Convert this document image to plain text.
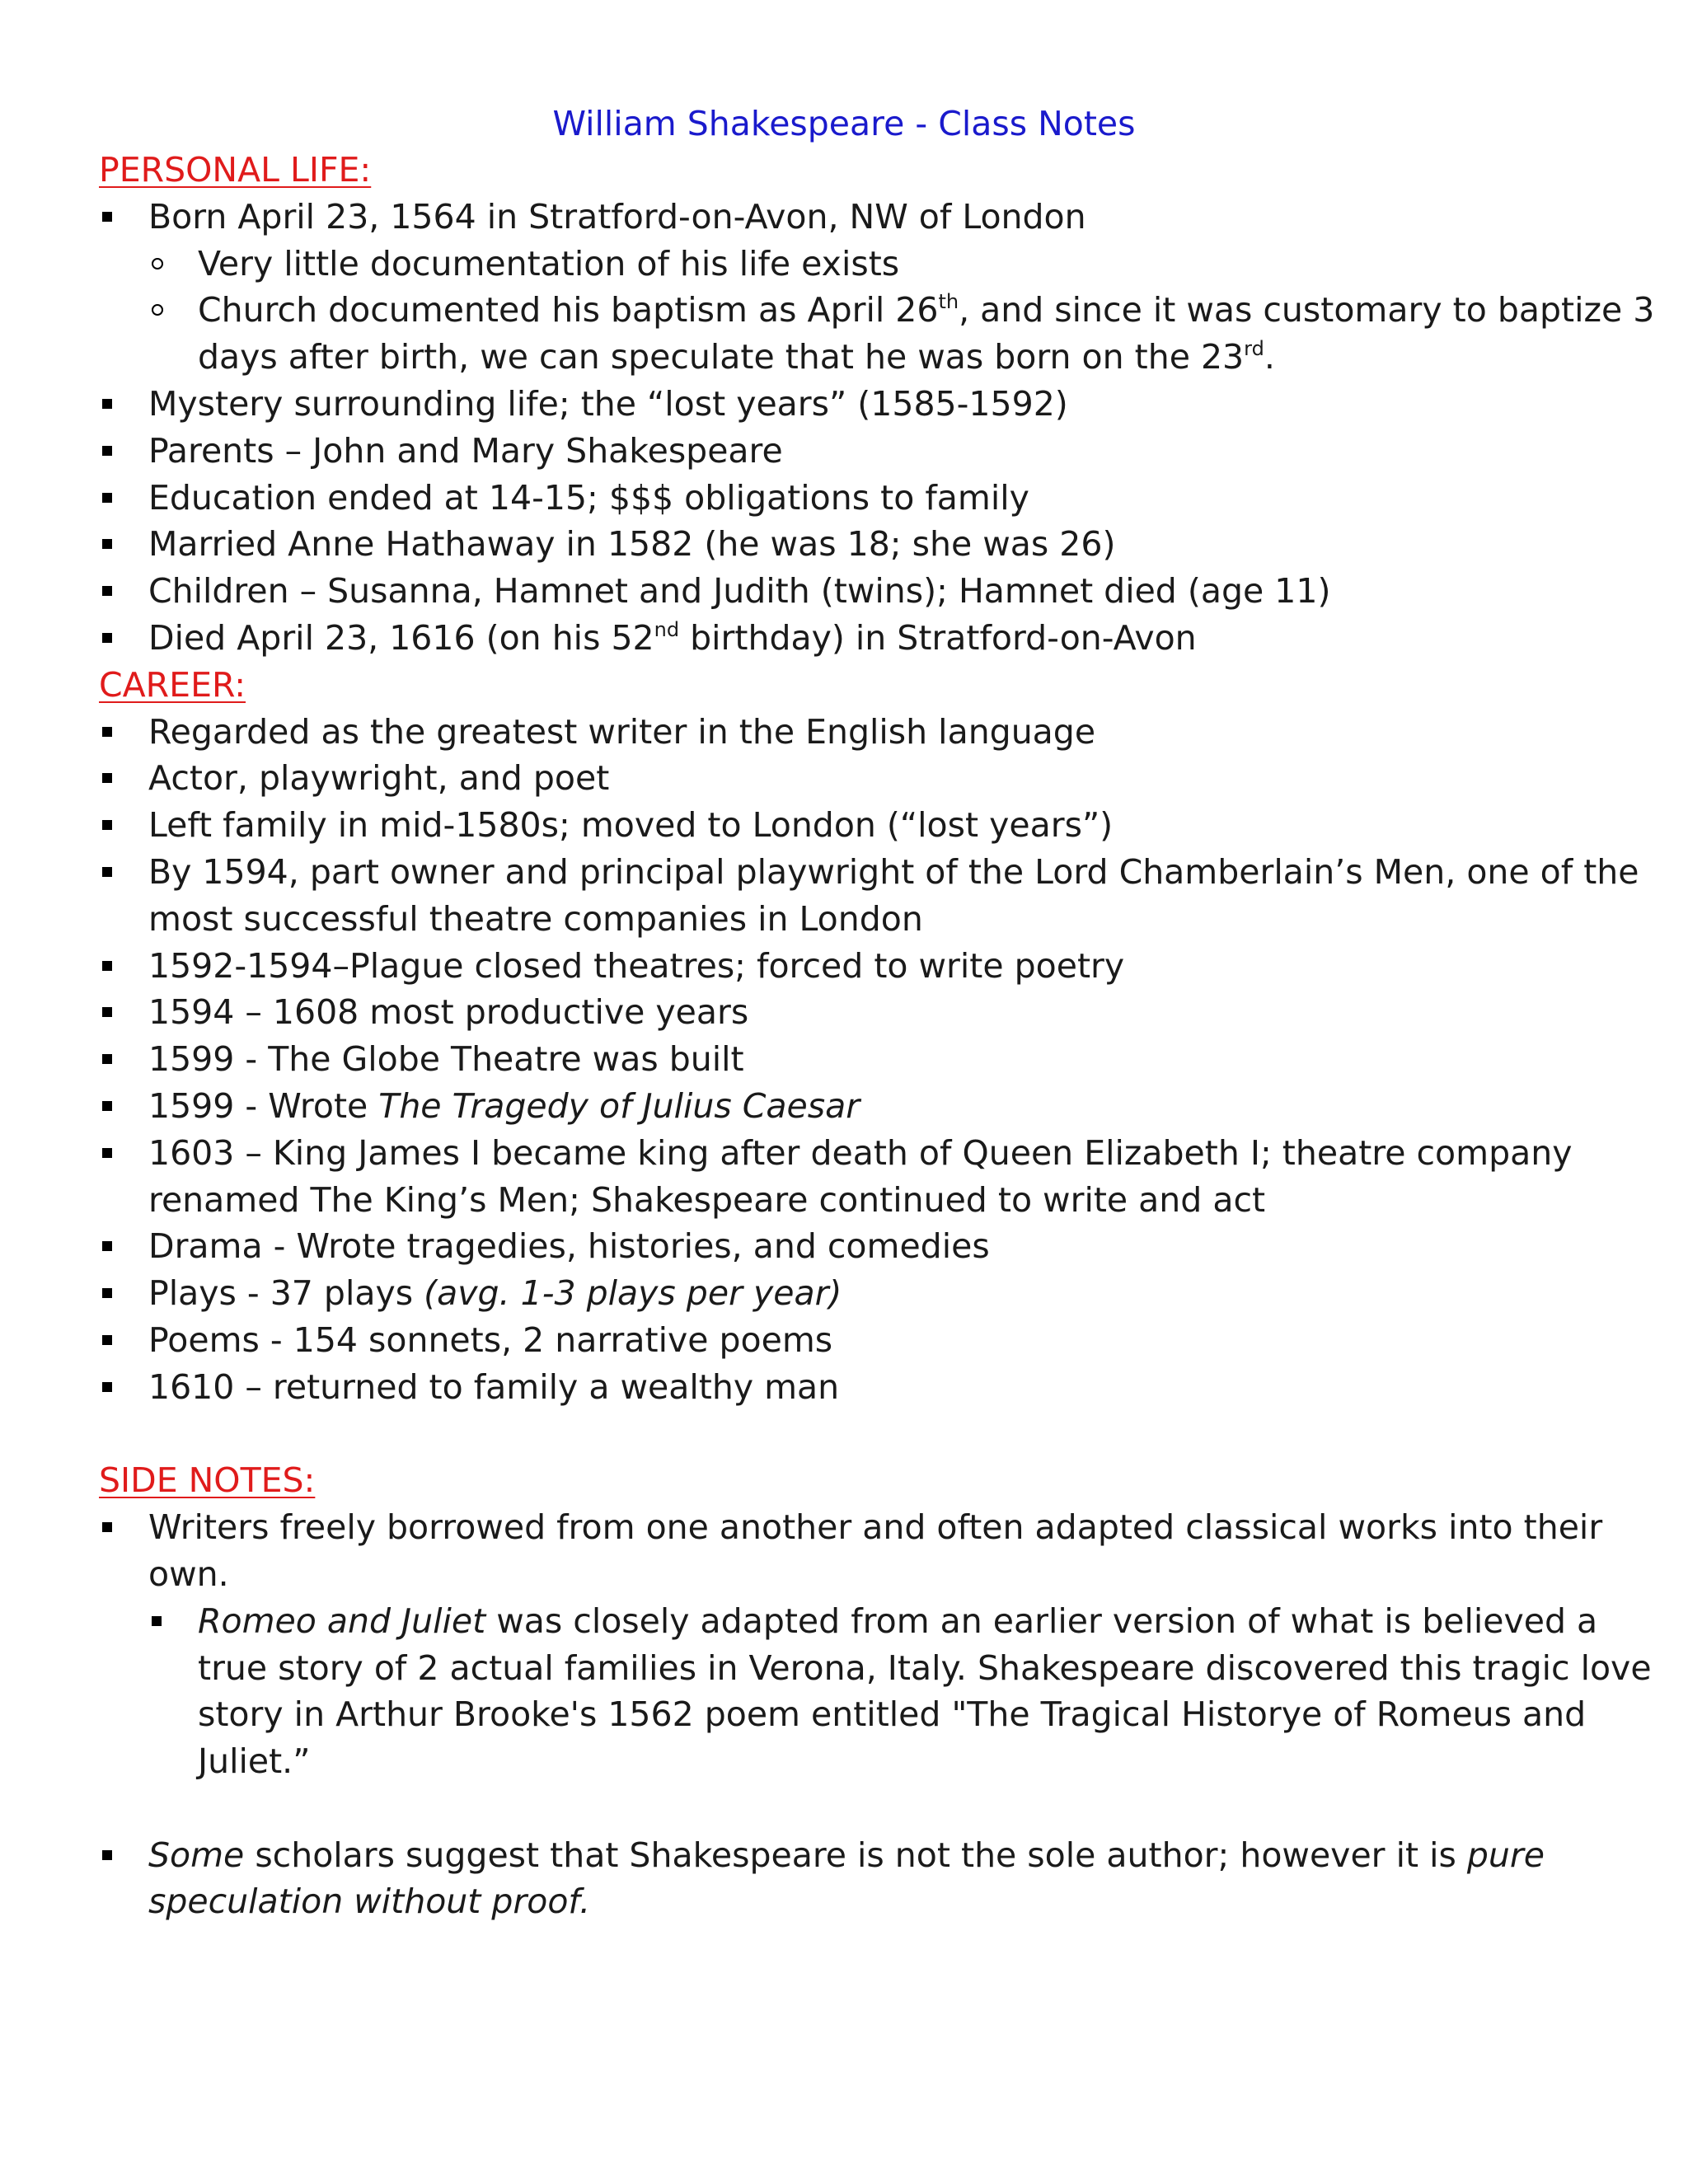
William Shakespeare - Class Notes
PERSONAL LIFE:
Born April 23, 1564 in Stratford-on-Avon, NW of London
Very little documentation of his life exists
Church documented his baptism as April 26th, and since it was customary to baptize 3
days after birth, we can speculate that he was born on the 23rd.
Mystery surrounding life; the “lost years” (1585-1592)
Parents – John and Mary Shakespeare
Education ended at 14-15; $$$ obligations to family
Married Anne Hathaway in 1582 (he was 18; she was 26)
Children – Susanna, Hamnet and Judith (twins); Hamnet died (age 11)
Died April 23, 1616 (on his 52nd birthday) in Stratford-on-Avon
CAREER:
Regarded as the greatest writer in the English language
Actor, playwright, and poet
Left family in mid-1580s; moved to London (“lost years”)
By 1594, part owner and principal playwright of the Lord Chamberlain’s Men, one of the
most successful theatre companies in London
1592-1594–Plague closed theatres; forced to write poetry
1594 – 1608 most productive years
1599 - The Globe Theatre was built
1599 - Wrote The Tragedy of Julius Caesar
1603 – King James I became king after death of Queen Elizabeth I; theatre company
renamed The King’s Men; Shakespeare continued to write and act
Drama - Wrote tragedies, histories, and comedies
Plays - 37 plays (avg. 1-3 plays per year)
Poems - 154 sonnets, 2 narrative poems
1610 – returned to family a wealthy man
SIDE NOTES:
Writers freely borrowed from one another and often adapted classical works into their
own.
Romeo and Juliet was closely adapted from an earlier version of what is believed a
true story of 2 actual families in Verona, Italy. Shakespeare discovered this tragic love
story in Arthur Brooke's 1562 poem entitled "The Tragical Historye of Romeus and
Juliet.”
Some scholars suggest that Shakespeare is not the sole author; however it is pure
speculation without proof.
